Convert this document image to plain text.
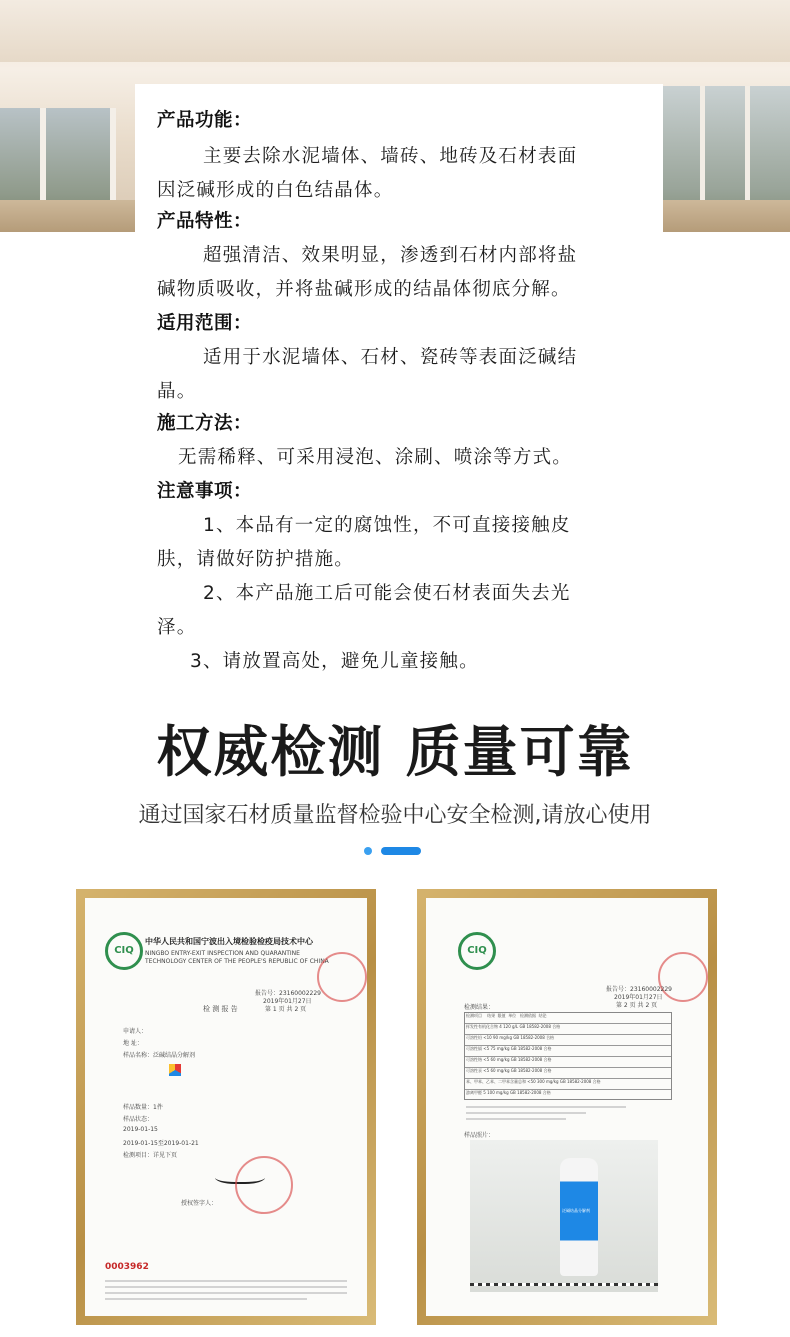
产品功能：
主要去除水泥墙体、墙砖、地砖及石材表面
因泛碱形成的白色结晶体。
产品特性：
超强清洁、效果明显，渗透到石材内部将盐
碱物质吸收，并将盐碱形成的结晶体彻底分解。
适用范围：
适用于水泥墙体、石材、瓷砖等表面泛碱结
晶。
施工方法：
无需稀释、可采用浸泡、涂刷、喷涂等方式。
注意事项：
1、本品有一定的腐蚀性，不可直接接触皮
肤，请做好防护措施。
2、本产品施工后可能会使石材表面失去光
泽。
3、请放置高处，避免儿童接触。
权威检测 质量可靠
通过国家石材质量监督检验中心安全检测,请放心使用
CIQ
中华人民共和国宁波出入境检验检疫局技术中心
NINGBO ENTRY-EXIT INSPECTION AND QUARANTINE
TECHNOLOGY CENTER OF THE PEOPLE'S REPUBLIC OF CHINA
报告号：23160002229
2019年01月27日
第 1 页 共 2 页
检 测 报 告
申请人：
地 址：
样品名称：泛碱结晶分解剂
样品数量：1件
样品状态：
2019-01-15
2019-01-15至2019-01-21
检测项目：详见下页
授权签字人：
0003962
CIQ
报告号：23160002229
2019年01月27日
第 2 页 共 2 页
检测结果：
检测项目 结果 限值 单位 检测依据 结论
挥发性有机化合物 4 120 g/L GB 18582-2008 合格
可溶性铅 <10 90 mg/kg GB 18582-2008 合格
可溶性镉 <5 75 mg/kg GB 18582-2008 合格
可溶性铬 <5 60 mg/kg GB 18582-2008 合格
可溶性汞 <5 60 mg/kg GB 18582-2008 合格
苯、甲苯、乙苯、二甲苯含量总和 <50 300 mg/kg GB 18582-2008 合格
游离甲醛 5 100 mg/kg GB 18582-2008 合格
样品照片：
泛碱结晶分解剂
